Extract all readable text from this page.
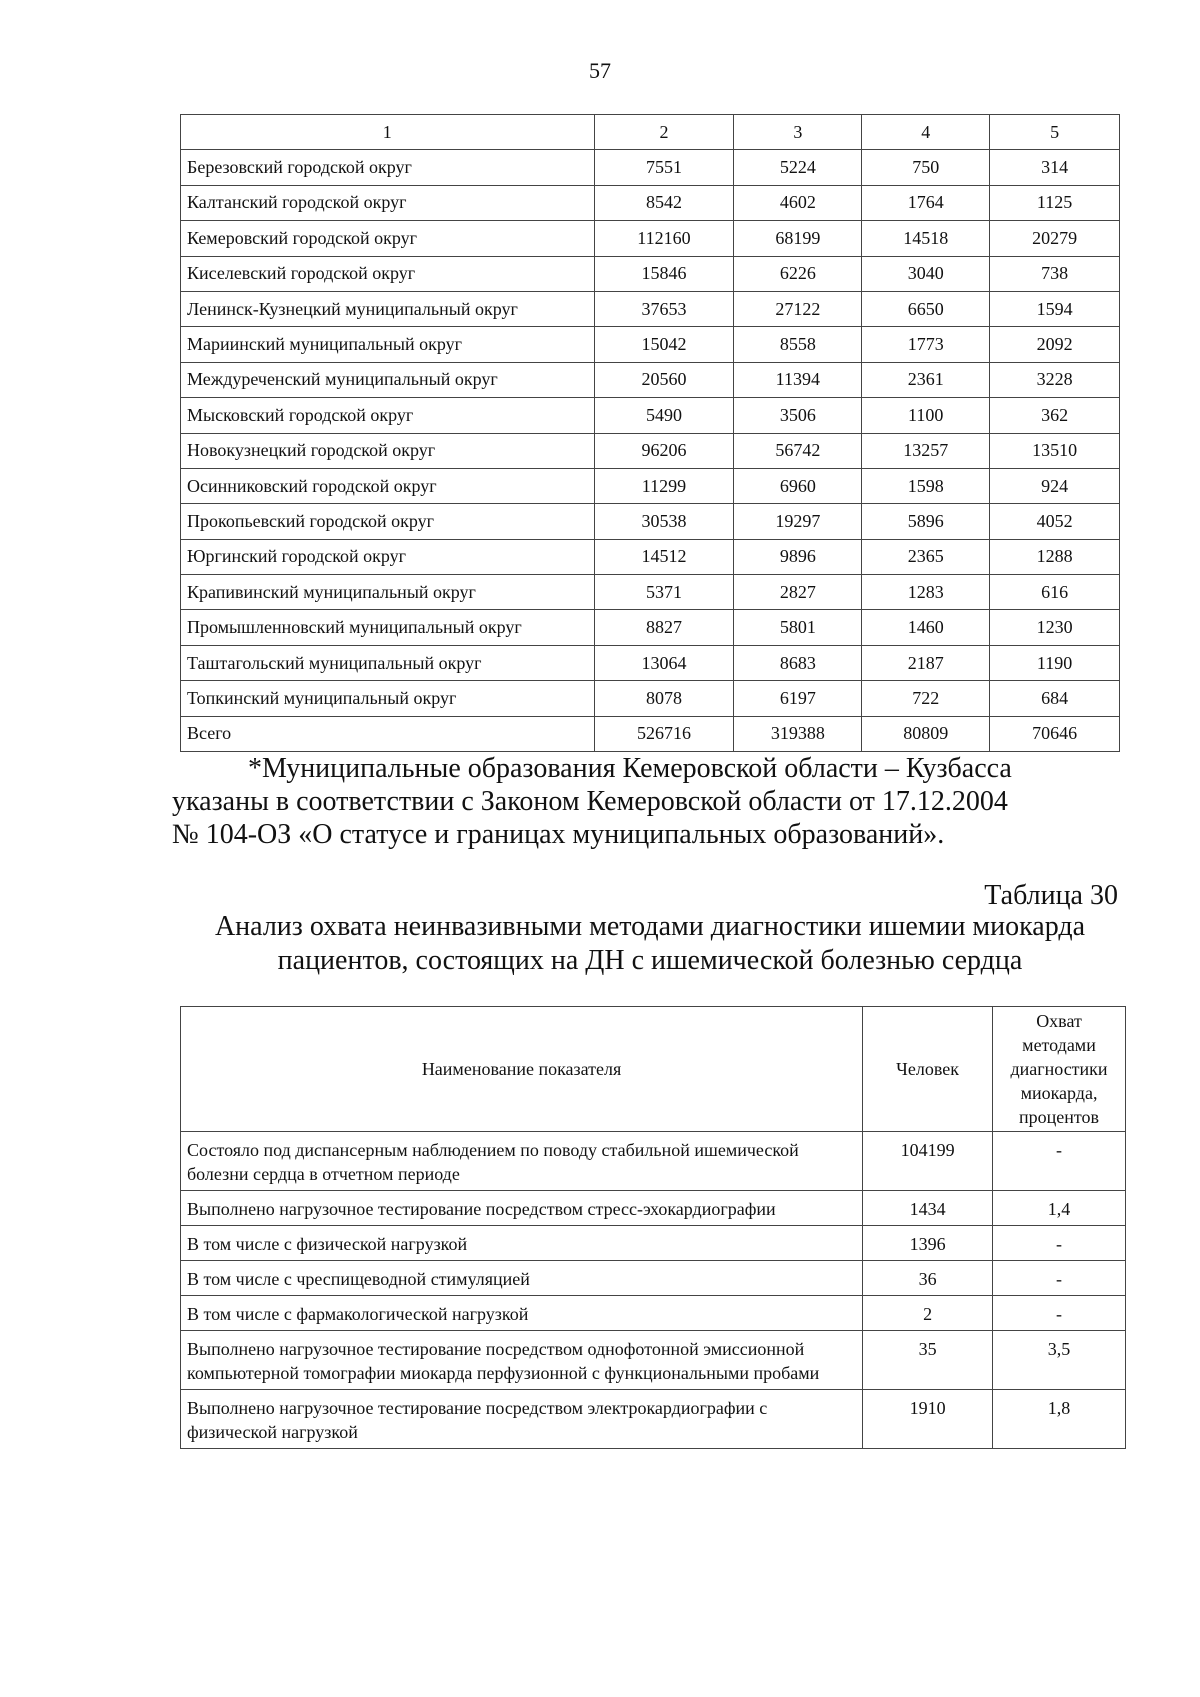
57
1	2	3	4	5
Березовский городской округ	7551	5224	750	314
Калтанский городской округ	8542	4602	1764	1125
Кемеровский городской округ	112160	68199	14518	20279
Киселевский городской округ	15846	6226	3040	738
Ленинск-Кузнецкий муниципальный округ	37653	27122	6650	1594
Мариинский муниципальный округ	15042	8558	1773	2092
Междуреченский муниципальный округ	20560	11394	2361	3228
Мысковский городской округ	5490	3506	1100	362
Новокузнецкий городской округ	96206	56742	13257	13510
Осинниковский городской округ	11299	6960	1598	924
Прокопьевский городской округ	30538	19297	5896	4052
Юргинский городской округ	14512	9896	2365	1288
Крапивинский муниципальный округ	5371	2827	1283	616
Промышленновский муниципальный округ	8827	5801	1460	1230
Таштагольский муниципальный округ	13064	8683	2187	1190
Топкинский муниципальный округ	8078	6197	722	684
Всего	526716	319388	80809	70646
*Муниципальные образования Кемеровской области – Кузбасса
указаны в соответствии с Законом Кемеровской области от 17.12.2004
№ 104-ОЗ «О статусе и границах муниципальных образований».
Таблица 30
Анализ охвата неинвазивными методами диагностики ишемии миокарда
пациентов, состоящих на ДН с ишемической болезнью сердца
Наименование показателя	Человек	Охват
методами
диагностики
миокарда,
процентов

Состояло под диспансерным наблюдением по поводу стабильной ишемической болезни сердца в отчетном периоде	104199	-
Выполнено нагрузочное тестирование посредством стресс-эхокардиографии	1434	1,4
В том числе с физической нагрузкой	1396	-
В том числе с чреспищеводной стимуляцией	36	-
В том числе с фармакологической нагрузкой	2	-
Выполнено нагрузочное тестирование посредством однофотонной эмиссионной компьютерной томографии миокарда перфузионной с функциональными пробами	35	3,5
Выполнено нагрузочное тестирование посредством электрокардиографии с физической нагрузкой	1910	1,8
